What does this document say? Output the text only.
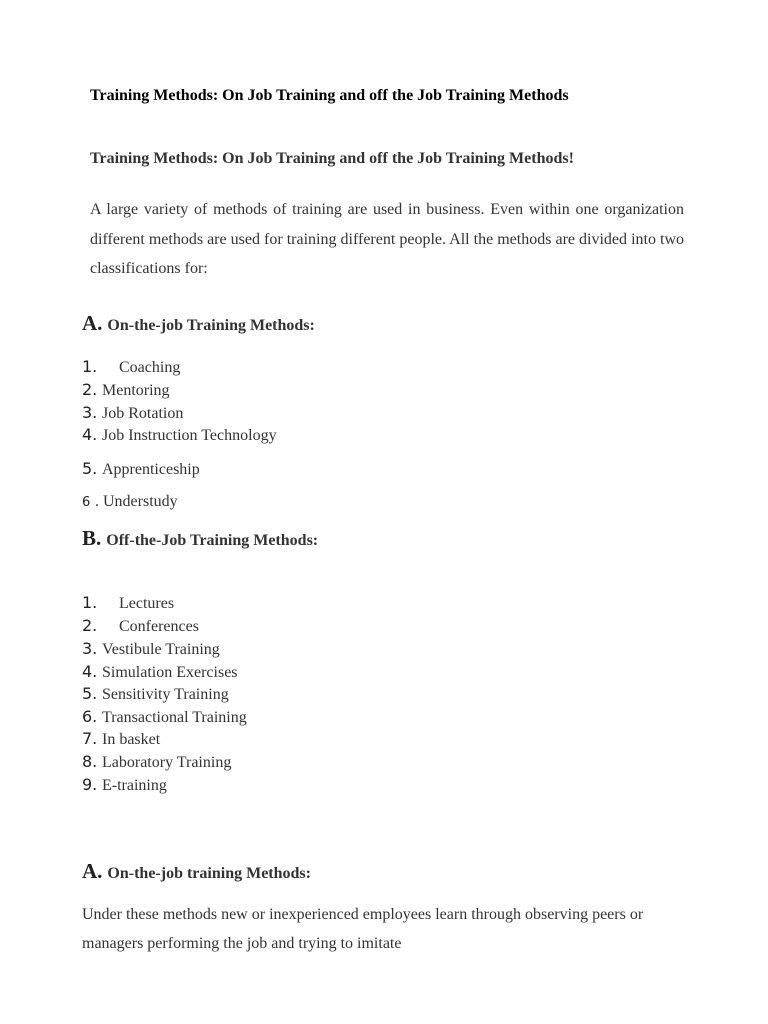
Training Methods: On Job Training and off the Job Training Methods
Training Methods: On Job Training and off the Job Training Methods!
A large variety of methods of training are used in business. Even within one organization different methods are used for training different people. All the methods are divided into two classifications for:
A. On-the-job Training Methods:
1. Coaching
2. Mentoring
3. Job Rotation
4. Job Instruction Technology
5. Apprenticeship
6 . Understudy
B. Off-the-Job Training Methods:
1. Lectures
2. Conferences
3. Vestibule Training
4. Simulation Exercises
5. Sensitivity Training
6. Transactional Training
7. In basket
8. Laboratory Training
9. E-training
A. On-the-job training Methods:
Under these methods new or inexperienced employees learn through observing peers or managers performing the job and trying to imitate
